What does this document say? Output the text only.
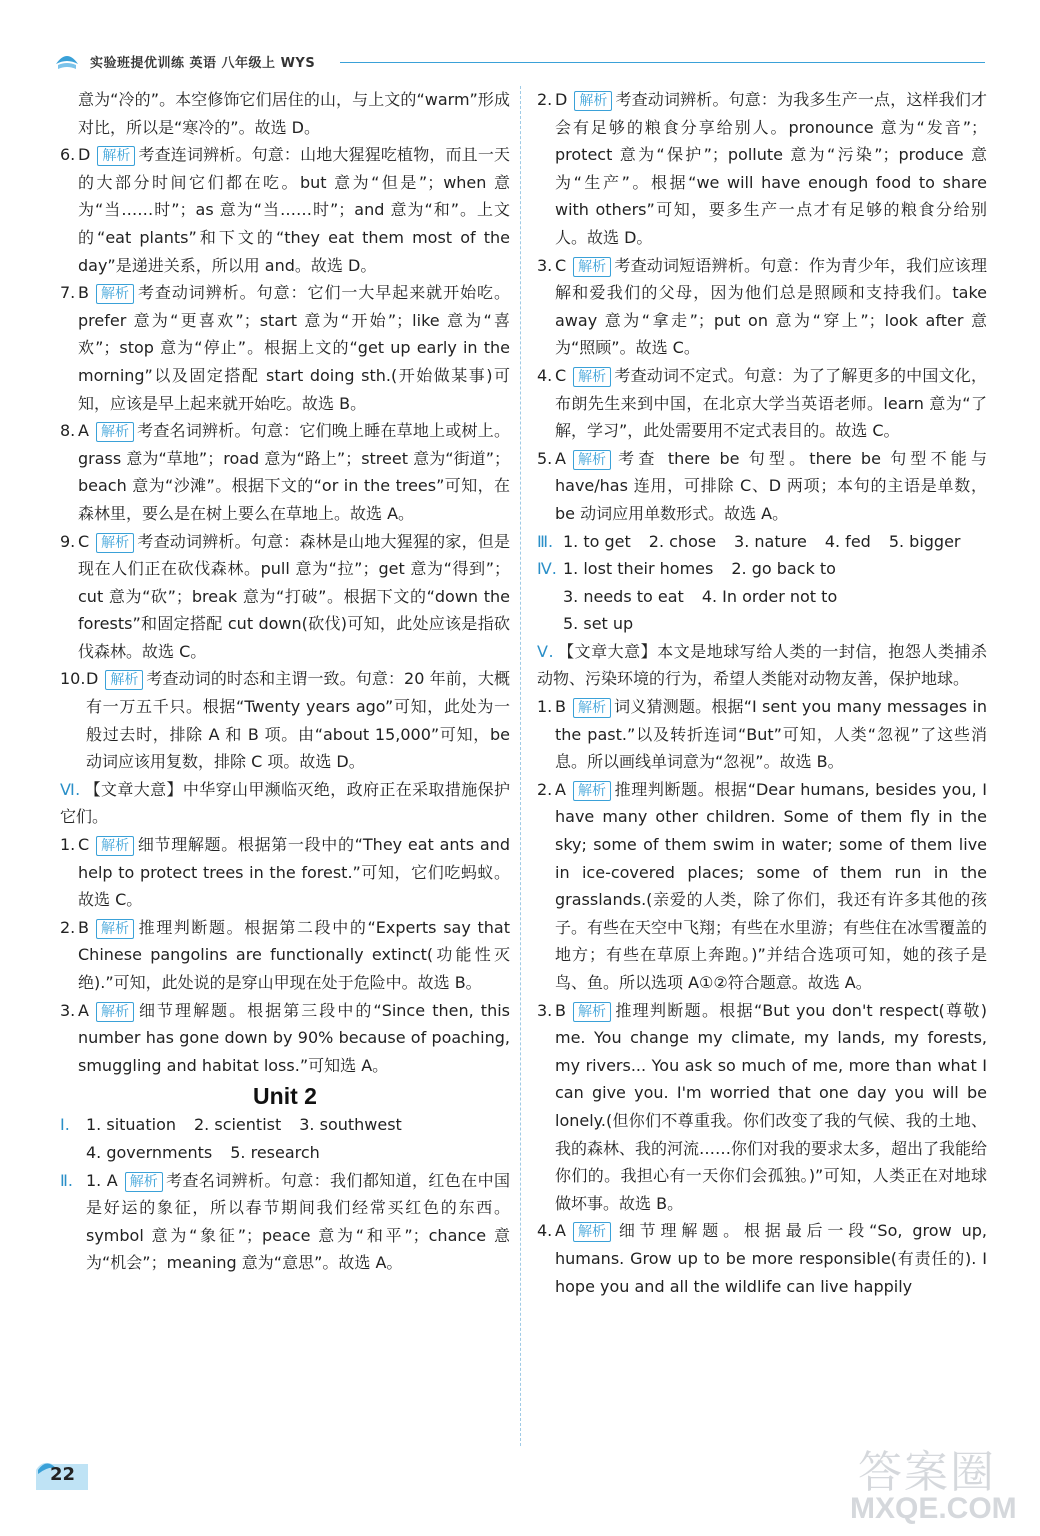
实验班提优训练 英语 八年级上 WYS
意为“冷的”。本空修饰它们居住的山，与上文的“warm”形成对比，所以是“寒冷的”。故选 D。
6. D 解析 考查连词辨析。句意：山地大猩猩吃植物，而且一天的大部分时间它们都在吃。but 意为“但是”；when 意为“当……时”；as 意为“当……时”；and 意为“和”。上文的“eat plants”和下文的“they eat them most of the day”是递进关系，所以用 and。故选 D。
7. B 解析 考查动词辨析。句意：它们一大早起来就开始吃。prefer 意为“更喜欢”；start 意为“开始”；like 意为“喜欢”；stop 意为“停止”。根据上文的“get up early in the morning”以及固定搭配 start doing sth.(开始做某事)可知，应该是早上起来就开始吃。故选 B。
8. A 解析 考查名词辨析。句意：它们晚上睡在草地上或树上。grass 意为“草地”；road 意为“路上”；street 意为“街道”；beach 意为“沙滩”。根据下文的“or in the trees”可知，在森林里，要么是在树上要么在草地上。故选 A。
9. C 解析 考查动词辨析。句意：森林是山地大猩猩的家，但是现在人们正在砍伐森林。pull 意为“拉”；get 意为“得到”；cut 意为“砍”；break 意为“打破”。根据下文的“down the forests”和固定搭配 cut down(砍伐)可知，此处应该是指砍伐森林。故选 C。
10. D 解析 考查动词的时态和主谓一致。句意：20 年前，大概有一万五千只。根据“Twenty years ago”可知，此处为一般过去时，排除 A 和 B 项。由“about 15,000”可知，be 动词应该用复数，排除 C 项。故选 D。
Ⅵ. 【文章大意】中华穿山甲濒临灭绝，政府正在采取措施保护它们。
1. C 解析 细节理解题。根据第一段中的“They eat ants and help to protect trees in the forest.”可知，它们吃蚂蚁。故选 C。
2. B 解析 推理判断题。根据第二段中的“Experts say that Chinese pangolins are functionally extinct(功能性灭绝).”可知，此处说的是穿山甲现在处于危险中。故选 B。
3. A 解析 细节理解题。根据第三段中的“Since then, this number has gone down by 90% because of poaching, smuggling and habitat loss.”可知选 A。
Unit 2
Ⅰ. 1. situation 2. scientist 3. southwest
4. governments 5. research
Ⅱ. 1. A 解析 考查名词辨析。句意：我们都知道，红色在中国是好运的象征，所以春节期间我们经常买红色的东西。symbol 意为“象征”；peace 意为“和平”；chance 意为“机会”；meaning 意为“意思”。故选 A。
2. D 解析 考查动词辨析。句意：为我多生产一点，这样我们才会有足够的粮食分享给别人。pronounce 意为“发音”；protect 意为“保护”；pollute 意为“污染”；produce 意为“生产”。根据“we will have enough food to share with others”可知，要多生产一点才有足够的粮食分给别人。故选 D。
3. C 解析 考查动词短语辨析。句意：作为青少年，我们应该理解和爱我们的父母，因为他们总是照顾和支持我们。take away 意为“拿走”；put on 意为“穿上”；look after 意为“照顾”。故选 C。
4. C 解析 考查动词不定式。句意：为了了解更多的中国文化，布朗先生来到中国，在北京大学当英语老师。learn 意为“了解，学习”，此处需要用不定式表目的。故选 C。
5. A 解析 考查 there be 句型。there be 句型不能与 have/has 连用，可排除 C、D 两项；本句的主语是单数，be 动词应用单数形式。故选 A。
Ⅲ. 1. to get 2. chose 3. nature 4. fed 5. bigger
Ⅳ. 1. lost their homes 2. go back to
3. needs to eat 4. In order not to
5. set up
Ⅴ. 【文章大意】本文是地球写给人类的一封信，抱怨人类捕杀动物、污染环境的行为，希望人类能对动物友善，保护地球。
1. B 解析 词义猜测题。根据“I sent you many messages in the past.”以及转折连词“But”可知，人类“忽视”了这些消息。所以画线单词意为“忽视”。故选 B。
2. A 解析 推理判断题。根据“Dear humans, besides you, I have many other children. Some of them fly in the sky; some of them swim in water; some of them live in ice-covered places; some of them run in the grasslands.(亲爱的人类，除了你们，我还有许多其他的孩子。有些在天空中飞翔；有些在水里游；有些住在冰雪覆盖的地方；有些在草原上奔跑。)”并结合选项可知，她的孩子是鸟、鱼。所以选项 A①②符合题意。故选 A。
3. B 解析 推理判断题。根据“But you don't respect(尊敬) me. You change my climate, my lands, my forests, my rivers... You ask so much of me, more than what I can give you. I'm worried that one day you will be lonely.(但你们不尊重我。你们改变了我的气候、我的土地、我的森林、我的河流……你们对我的要求太多，超出了我能给你们的。我担心有一天你们会孤独。)”可知，人类正在对地球做坏事。故选 B。
4. A 解析 细节理解题。根据最后一段“So, grow up, humans. Grow up to be more responsible(有责任的). I hope you and all the wildlife can live happily
22	答案圈
MXQE.COM
